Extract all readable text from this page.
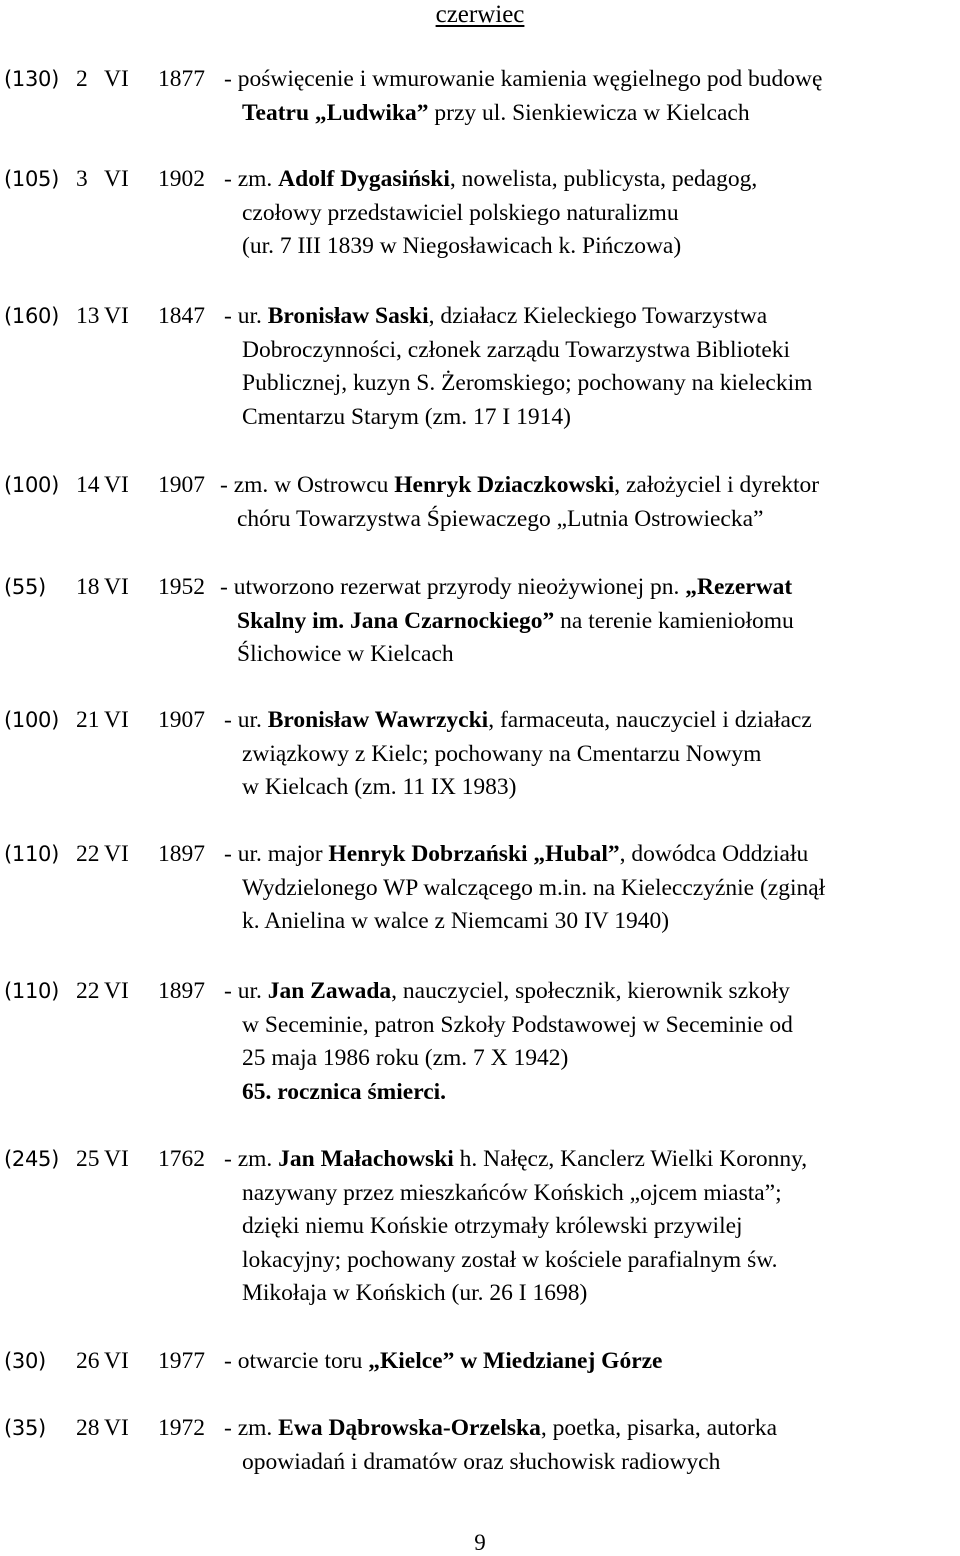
czerwiec
(130) 2 VI 1877 - poświęcenie i wmurowanie kamienia węgielnego pod budowę
Teatru „Ludwika” przy ul. Sienkiewicza w Kielcach
(105) 3 VI 1902 - zm. Adolf Dygasiński, nowelista, publicysta, pedagog,
czołowy przedstawiciel polskiego naturalizmu
(ur. 7 III 1839 w Niegosławicach k. Pińczowa)
(160) 13 VI 1847 - ur. Bronisław Saski, działacz Kieleckiego Towarzystwa
Dobroczynności, członek zarządu Towarzystwa Biblioteki
Publicznej, kuzyn S. Żeromskiego; pochowany na kieleckim
Cmentarzu Starym (zm. 17 I 1914)
(100) 14 VI 1907 - zm. w Ostrowcu Henryk Dziaczkowski, założyciel i dyrektor
chóru Towarzystwa Śpiewaczego „Lutnia Ostrowiecka”
(55) 18 VI 1952 - utworzono rezerwat przyrody nieożywionej pn. „Rezerwat
Skalny im. Jana Czarnockiego” na terenie kamieniołomu
Ślichowice w Kielcach
(100) 21 VI 1907 - ur. Bronisław Wawrzycki, farmaceuta, nauczyciel i działacz
związkowy z Kielc; pochowany na Cmentarzu Nowym
w Kielcach (zm. 11 IX 1983)
(110) 22 VI 1897 - ur. major Henryk Dobrzański „Hubal”, dowódca Oddziału
Wydzielonego WP walczącego m.in. na Kielecczyźnie (zginął
k. Anielina w walce z Niemcami 30 IV 1940)
(110) 22 VI 1897 - ur. Jan Zawada, nauczyciel, społecznik, kierownik szkoły
w Seceminie, patron Szkoły Podstawowej w Seceminie od
25 maja 1986 roku (zm. 7 X 1942)
65. rocznica śmierci.
(245) 25 VI 1762 - zm. Jan Małachowski h. Nałęcz, Kanclerz Wielki Koronny,
nazywany przez mieszkańców Końskich „ojcem miasta”;
dzięki niemu Końskie otrzymały królewski przywilej
lokacyjny; pochowany został w kościele parafialnym św.
Mikołaja w Końskich (ur. 26 I 1698)
(30) 26 VI 1977 - otwarcie toru „Kielce” w Miedzianej Górze
(35) 28 VI 1972 - zm. Ewa Dąbrowska-Orzelska, poetka, pisarka, autorka
opowiadań i dramatów oraz słuchowisk radiowych
9
